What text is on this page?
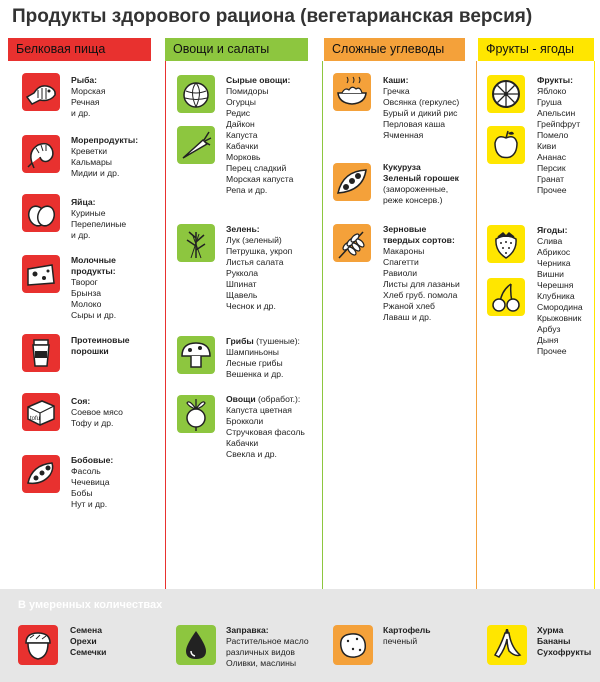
Продукты здорового рациона (вегетарианская версия)
Белковая пища	Овощи и салаты	Сложные углеводы	Фрукты - ягоды
Рыба:
Морская
Речная
и др.
Морепродукты:
Креветки
Кальмары
Мидии и др.
Яйца:
Куриные
Перепелиные
и др.
Молочные
продукты:
Творог
Брынза
Молоко
Сыры и др.
Протеиновые
порошки
tofu
Соя:
Соевое мясо
Тофу и др.
Бобовые:
Фасоль
Чечевица
Бобы
Нут и др.
Сырые овощи:
Помидоры
Огурцы
Редис
Дайкон
Капуста
Кабачки
Морковь
Перец сладкий
Морская капуста
Репа и др.
Зелень:
Лук (зеленый)
Петрушка, укроп
Листья салата
Руккола
Шпинат
Щавель
Чеснок и др.
Грибы (тушеные):
Шампиньоны
Лесные грибы
Вешенка и др.
Овощи (обработ.):
Капуста цветная
Брокколи
Стручковая фасоль
Кабачки
Свекла и др.
Каши:
Гречка
Овсянка (геркулес)
Бурый и дикий рис
Перловая каша
Ячменная
Кукуруза
Зеленый горошек
(замороженные,
реже консерв.)
Зерновые
твердых сортов:
Макароны
Спагетти
Равиоли
Листы для лазаньи
Хлеб груб. помола
Ржаной хлеб
Лаваш и др.
Фрукты:
Яблоко
Груша
Апельсин
Грейпфрут
Помело
Киви
Ананас
Персик
Гранат
Прочее
Ягоды:
Слива
Абрикос
Черника
Вишни
Черешня
Клубника
Смородина
Крыжовник
Арбуз
Дыня
Прочее
В умеренных количествах
Семена
Орехи
Семечки
Заправка:
Растительное масло
различных видов
Оливки, маслины
Картофель
печеный
Хурма
Бананы
Сухофрукты
